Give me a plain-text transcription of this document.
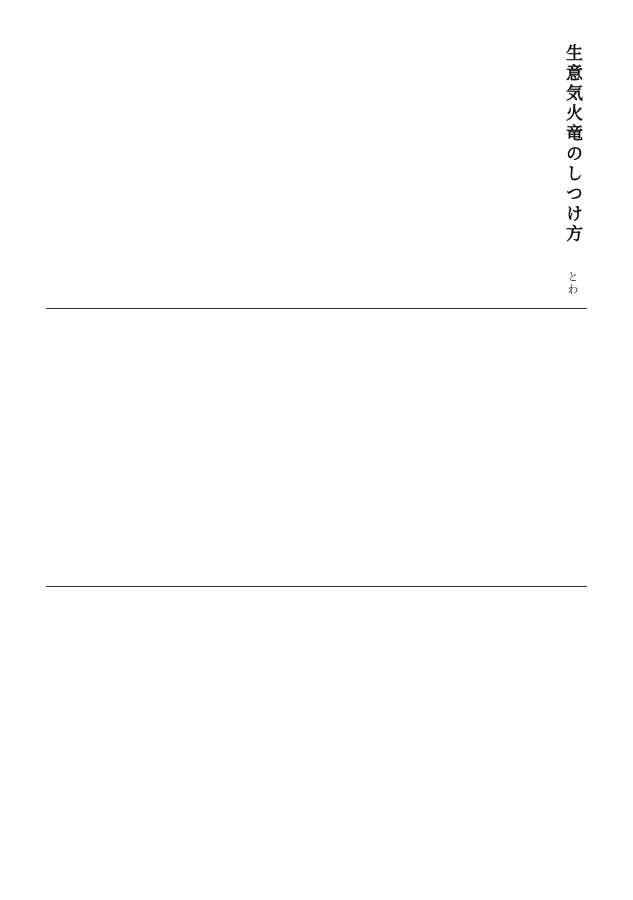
生意気火竜のしつけ方 とわ
